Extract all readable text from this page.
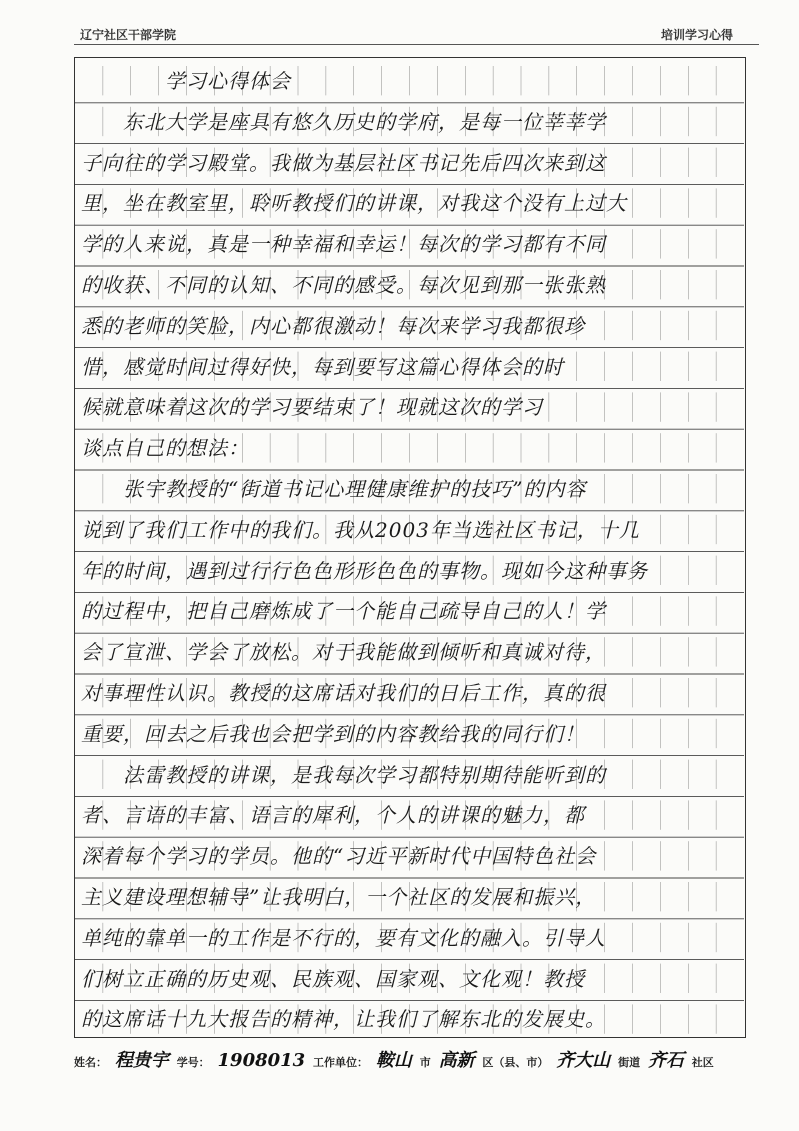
辽宁社区干部学院	培训学习心得
学习心得体会
东北大学是座具有悠久历史的学府，是每一位莘莘学
子向往的学习殿堂。我做为基层社区书记先后四次来到这
里，坐在教室里，聆听教授们的讲课，对我这个没有上过大
学的人来说，真是一种幸福和幸运！每次的学习都有不同
的收获、不同的认知、不同的感受。每次见到那一张张熟
悉的老师的笑脸，内心都很激动！每次来学习我都很珍
惜，感觉时间过得好快，每到要写这篇心得体会的时
候就意味着这次的学习要结束了！现就这次的学习
谈点自己的想法：
张宇教授的“街道书记心理健康维护的技巧”的内容
说到了我们工作中的我们。我从2003年当选社区书记，十几
年的时间，遇到过行行色色形形色色的事物。现如今这种事务
的过程中，把自己磨炼成了一个能自己疏导自己的人！学
会了宣泄、学会了放松。对于我能做到倾听和真诚对待，
对事理性认识。教授的这席话对我们的日后工作，真的很
重要，回去之后我也会把学到的内容教给我的同行们！
法雷教授的讲课，是我每次学习都特别期待能听到的
者、言语的丰富、语言的犀利，个人的讲课的魅力，都
深着每个学习的学员。他的“习近平新时代中国特色社会
主义建设理想辅导”让我明白，一个社区的发展和振兴，
单纯的靠单一的工作是不行的，要有文化的融入。引导人
们树立正确的历史观、民族观、国家观、文化观！教授
的这席话十九大报告的精神，让我们了解东北的发展史。
姓名： 程贵宇 学号： 1908013 工作单位： 鞍山 市 高新 区（县、市） 齐大山 街道 齐石 社区
